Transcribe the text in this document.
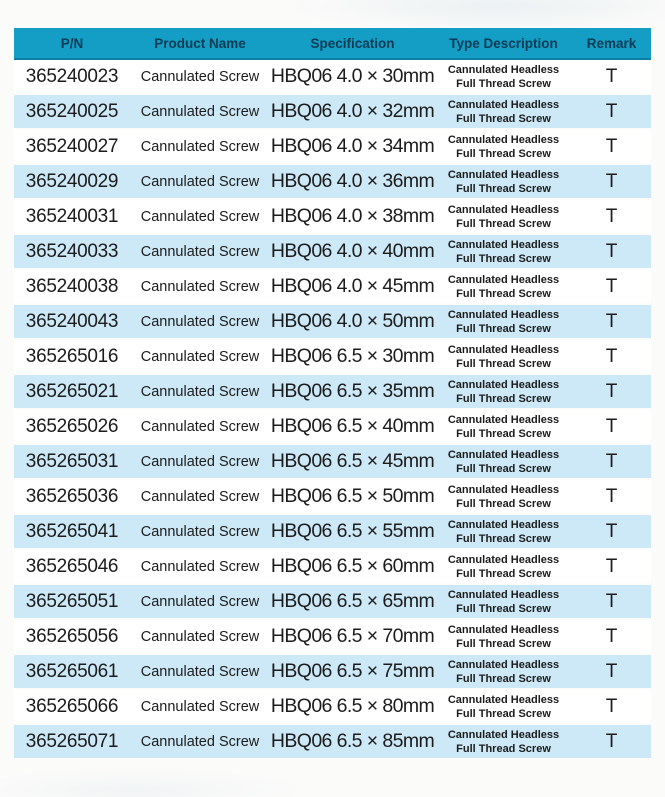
P/N	Product Name	Specification	Type Description	Remark
365240023	Cannulated Screw	HBQ06 4.0 × 30mm	Cannulated Headless
Full Thread Screw	T
365240025	Cannulated Screw	HBQ06 4.0 × 32mm	Cannulated Headless
Full Thread Screw	T
365240027	Cannulated Screw	HBQ06 4.0 × 34mm	Cannulated Headless
Full Thread Screw	T
365240029	Cannulated Screw	HBQ06 4.0 × 36mm	Cannulated Headless
Full Thread Screw	T
365240031	Cannulated Screw	HBQ06 4.0 × 38mm	Cannulated Headless
Full Thread Screw	T
365240033	Cannulated Screw	HBQ06 4.0 × 40mm	Cannulated Headless
Full Thread Screw	T
365240038	Cannulated Screw	HBQ06 4.0 × 45mm	Cannulated Headless
Full Thread Screw	T
365240043	Cannulated Screw	HBQ06 4.0 × 50mm	Cannulated Headless
Full Thread Screw	T
365265016	Cannulated Screw	HBQ06 6.5 × 30mm	Cannulated Headless
Full Thread Screw	T
365265021	Cannulated Screw	HBQ06 6.5 × 35mm	Cannulated Headless
Full Thread Screw	T
365265026	Cannulated Screw	HBQ06 6.5 × 40mm	Cannulated Headless
Full Thread Screw	T
365265031	Cannulated Screw	HBQ06 6.5 × 45mm	Cannulated Headless
Full Thread Screw	T
365265036	Cannulated Screw	HBQ06 6.5 × 50mm	Cannulated Headless
Full Thread Screw	T
365265041	Cannulated Screw	HBQ06 6.5 × 55mm	Cannulated Headless
Full Thread Screw	T
365265046	Cannulated Screw	HBQ06 6.5 × 60mm	Cannulated Headless
Full Thread Screw	T
365265051	Cannulated Screw	HBQ06 6.5 × 65mm	Cannulated Headless
Full Thread Screw	T
365265056	Cannulated Screw	HBQ06 6.5 × 70mm	Cannulated Headless
Full Thread Screw	T
365265061	Cannulated Screw	HBQ06 6.5 × 75mm	Cannulated Headless
Full Thread Screw	T
365265066	Cannulated Screw	HBQ06 6.5 × 80mm	Cannulated Headless
Full Thread Screw	T
365265071	Cannulated Screw	HBQ06 6.5 × 85mm	Cannulated Headless
Full Thread Screw	T
